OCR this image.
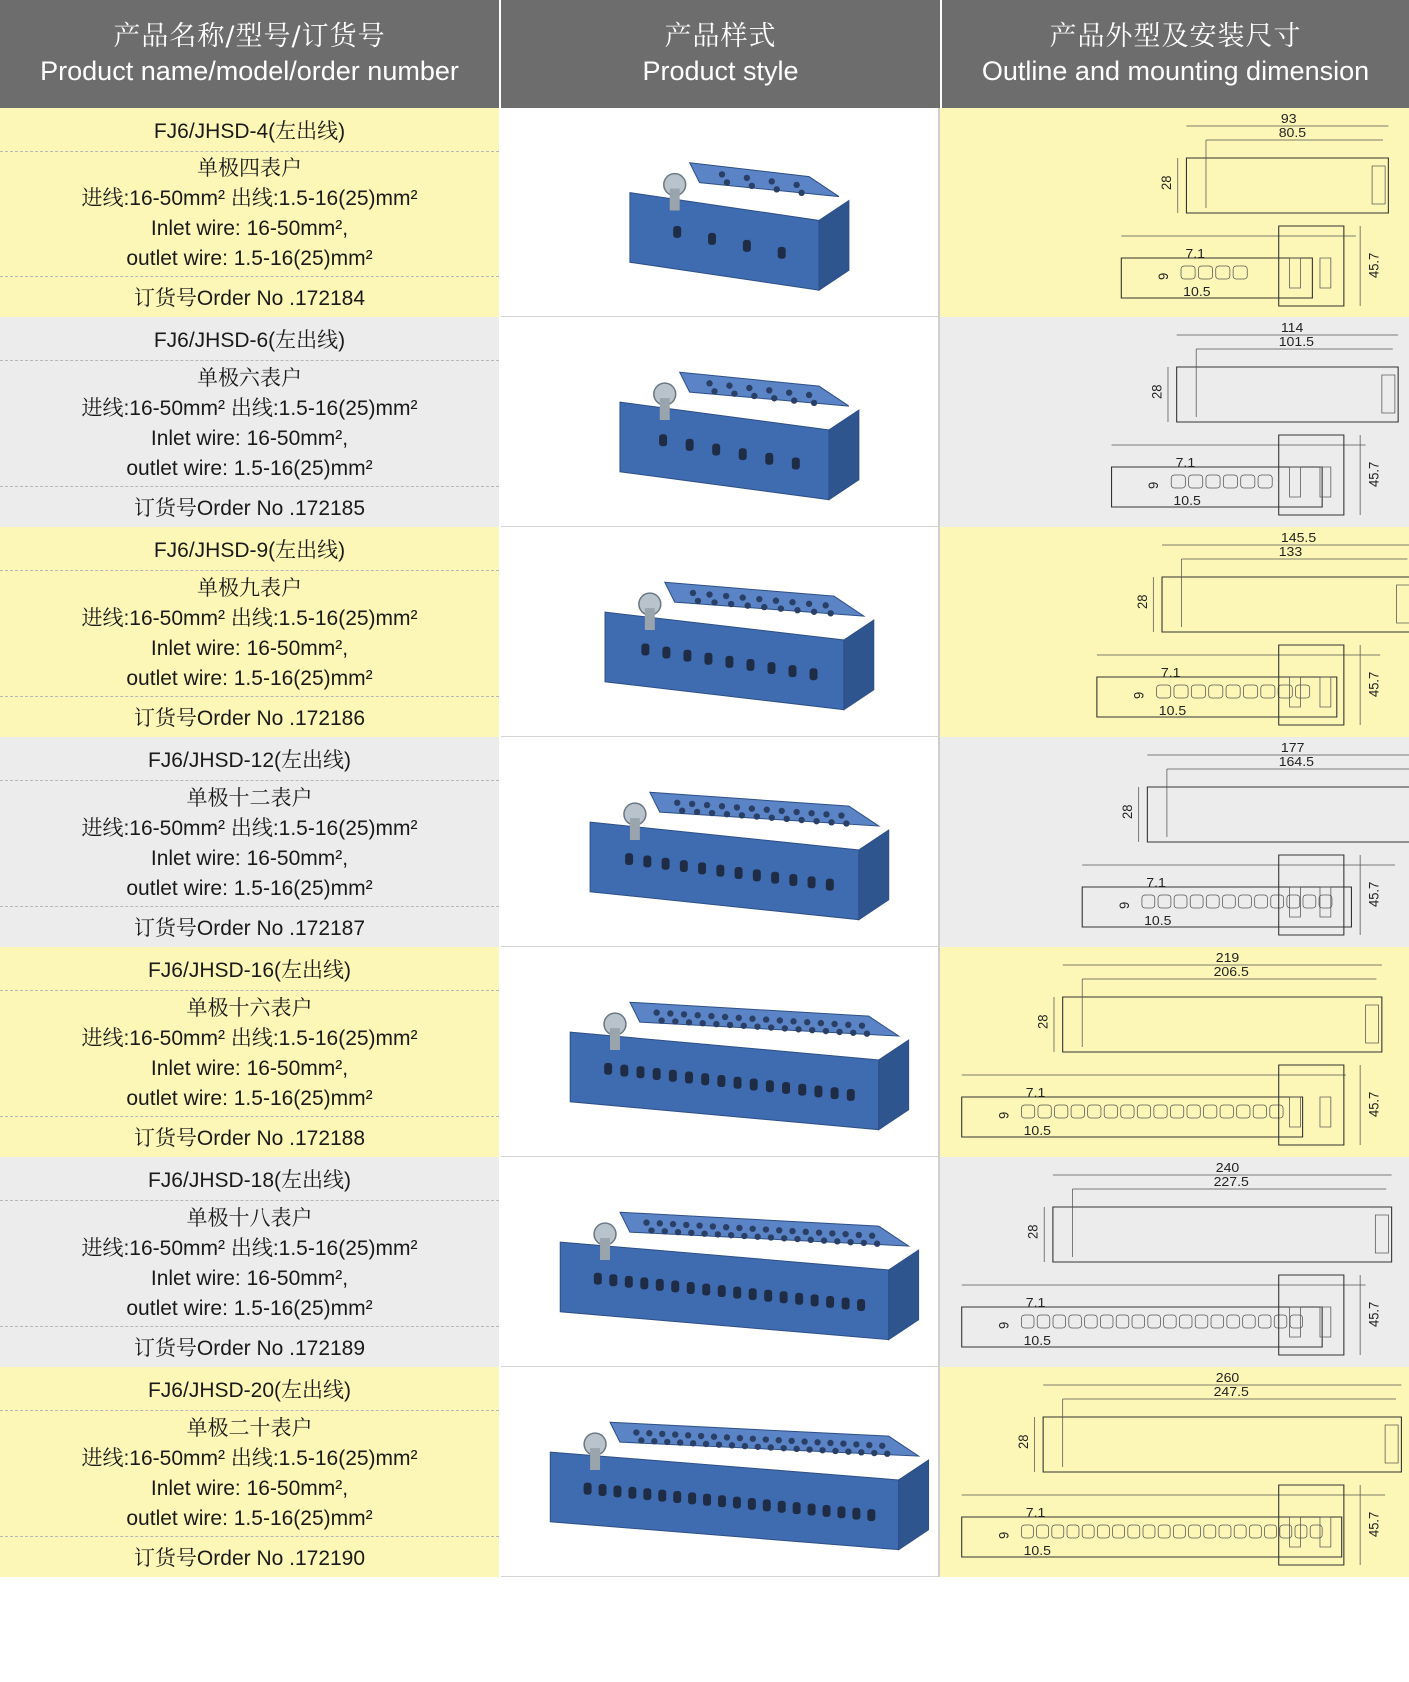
产品名称/型号/订货号
Product name/model/order number
产品样式
Product style
产品外型及安装尺寸
Outline and mounting dimension
FJ6/JHSD-4(左出线)
单极四表户
进线:16-50mm² 出线:1.5-16(25)mm²
Inlet wire: 16-50mm²,
outlet wire: 1.5-16(25)mm²
订货号Order No .172184
93
80.5
28
7.1
9
10.5
45.7
FJ6/JHSD-6(左出线)
单极六表户
进线:16-50mm² 出线:1.5-16(25)mm²
Inlet wire: 16-50mm²,
outlet wire: 1.5-16(25)mm²
订货号Order No .172185
114
101.5
28
7.1
9
10.5
45.7
FJ6/JHSD-9(左出线)
单极九表户
进线:16-50mm² 出线:1.5-16(25)mm²
Inlet wire: 16-50mm²,
outlet wire: 1.5-16(25)mm²
订货号Order No .172186
145.5
133
28
7.1
9
10.5
45.7
FJ6/JHSD-12(左出线)
单极十二表户
进线:16-50mm² 出线:1.5-16(25)mm²
Inlet wire: 16-50mm²,
outlet wire: 1.5-16(25)mm²
订货号Order No .172187
177
164.5
28
7.1
9
10.5
45.7
FJ6/JHSD-16(左出线)
单极十六表户
进线:16-50mm² 出线:1.5-16(25)mm²
Inlet wire: 16-50mm²,
outlet wire: 1.5-16(25)mm²
订货号Order No .172188
219
206.5
28
7.1
9
10.5
45.7
FJ6/JHSD-18(左出线)
单极十八表户
进线:16-50mm² 出线:1.5-16(25)mm²
Inlet wire: 16-50mm²,
outlet wire: 1.5-16(25)mm²
订货号Order No .172189
240
227.5
28
7.1
9
10.5
45.7
FJ6/JHSD-20(左出线)
单极二十表户
进线:16-50mm² 出线:1.5-16(25)mm²
Inlet wire: 16-50mm²,
outlet wire: 1.5-16(25)mm²
订货号Order No .172190
260
247.5
28
7.1
9
10.5
45.7
